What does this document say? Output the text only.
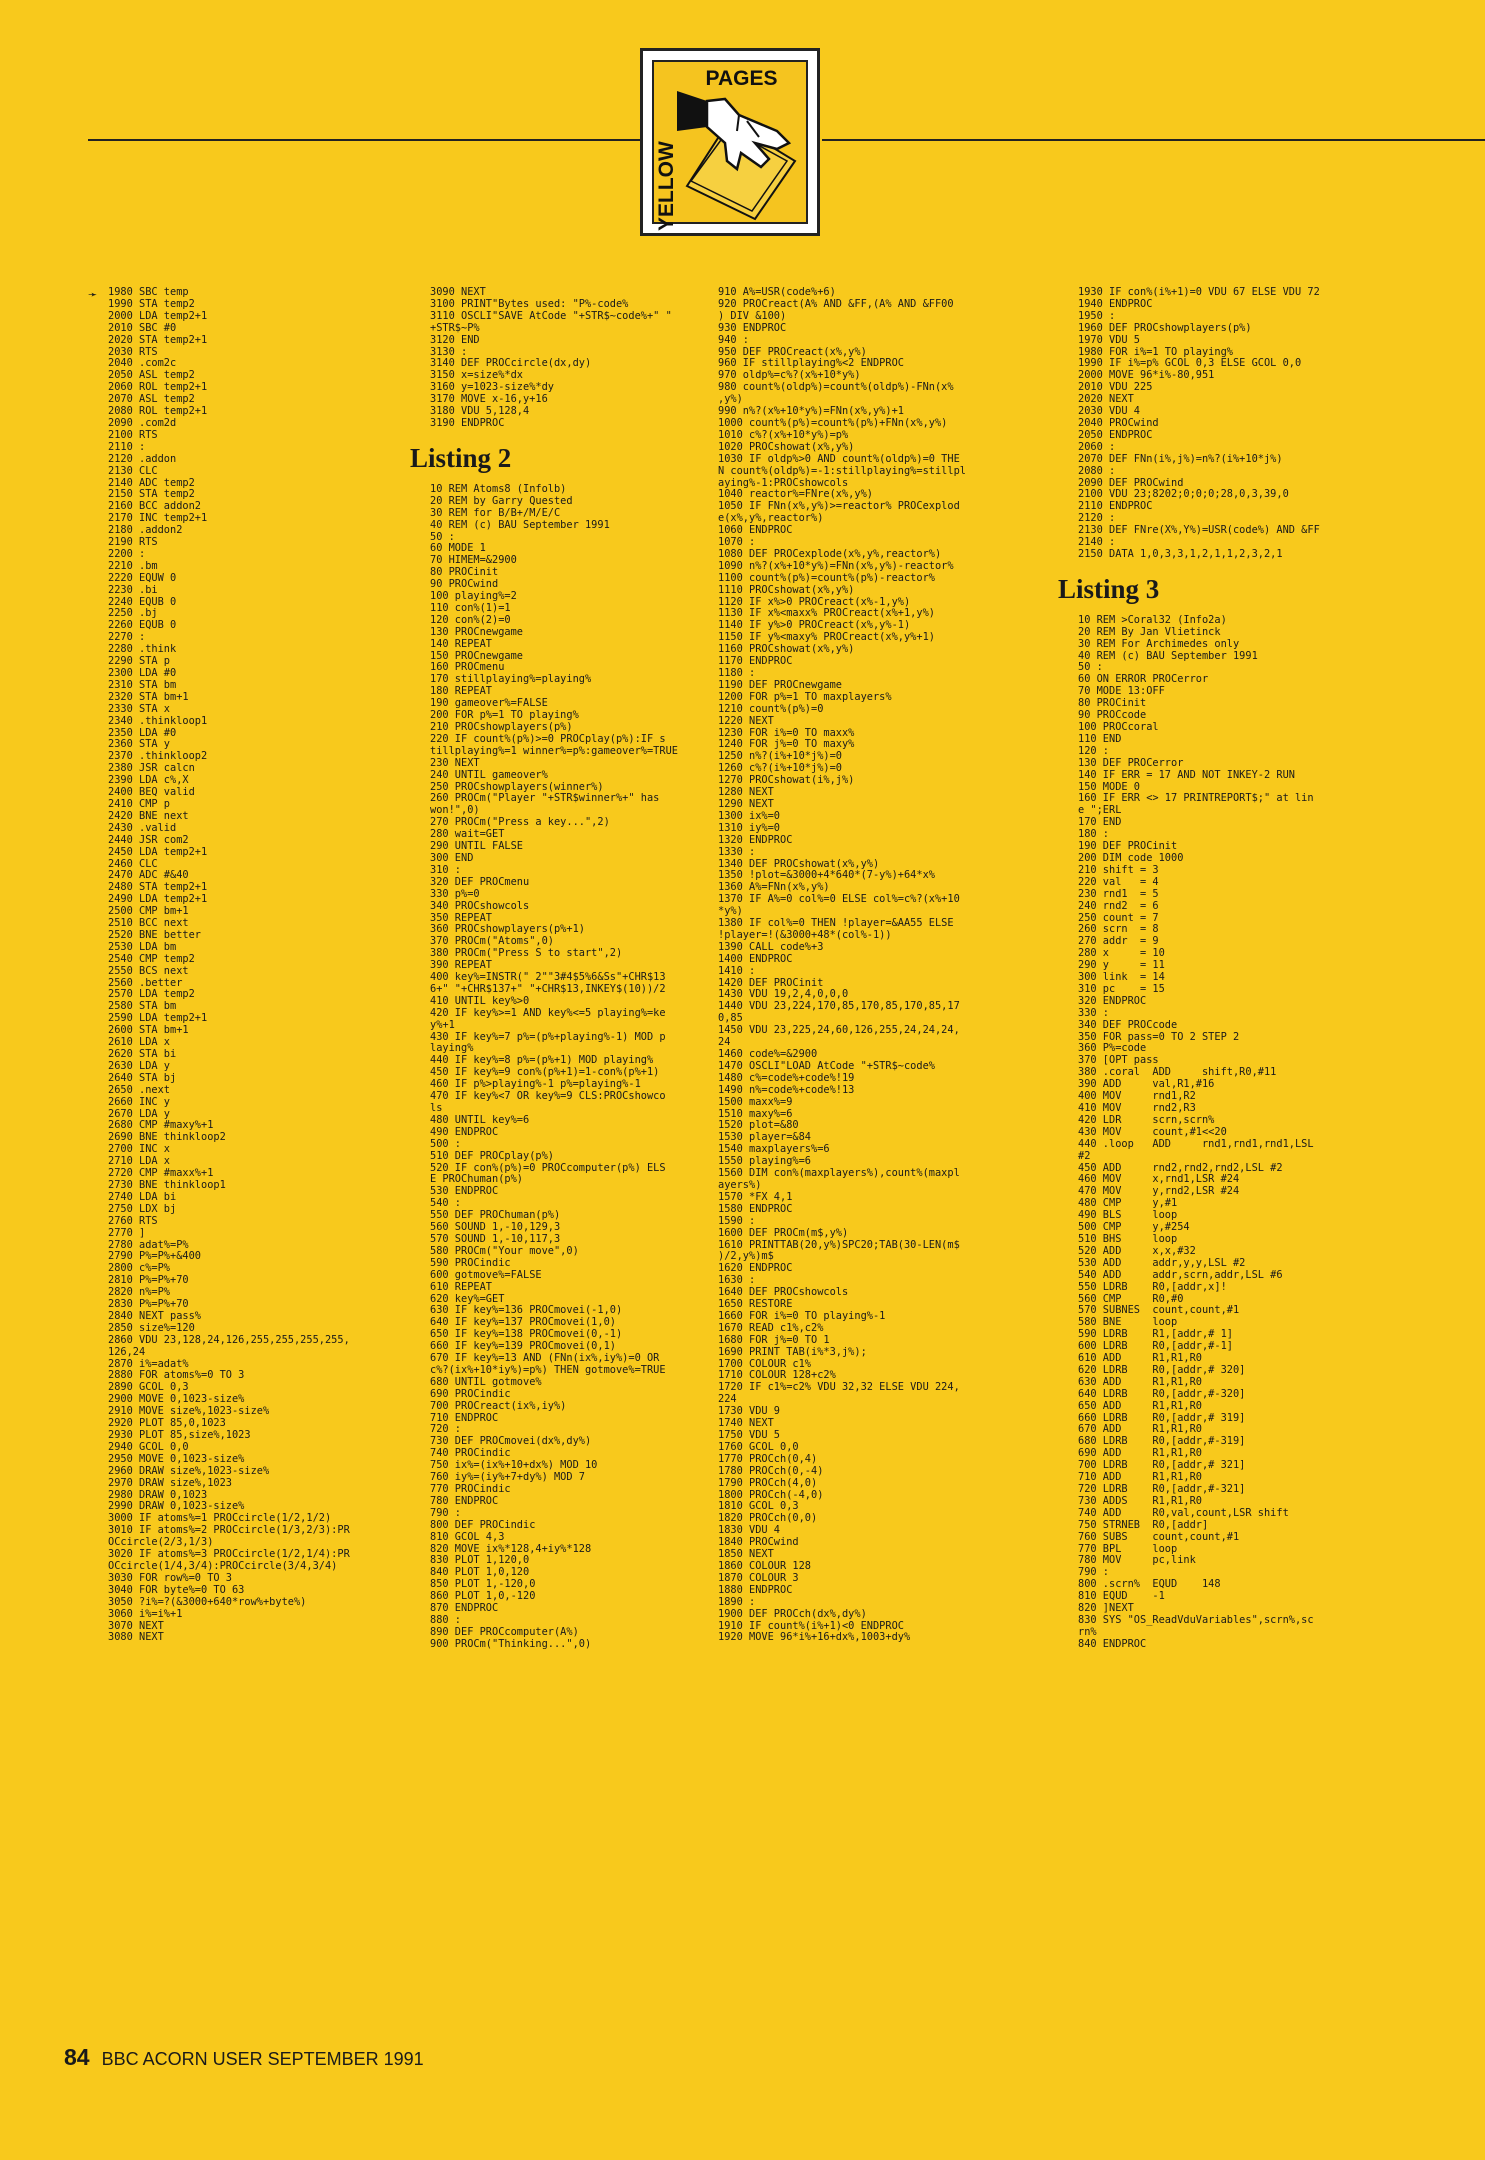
PAGES
YELLOW
➛ 1980 SBC temp
1990 STA temp2
2000 LDA temp2+1
2010 SBC #0
2020 STA temp2+1
2030 RTS
2040 .com2c
2050 ASL temp2
2060 ROL temp2+1
2070 ASL temp2
2080 ROL temp2+1
2090 .com2d
2100 RTS
2110 :
2120 .addon
2130 CLC
2140 ADC temp2
2150 STA temp2
2160 BCC addon2
2170 INC temp2+1
2180 .addon2
2190 RTS
2200 :
2210 .bm
2220 EQUW 0
2230 .bi
2240 EQUB 0
2250 .bj
2260 EQUB 0
2270 :
2280 .think
2290 STA p
2300 LDA #0
2310 STA bm
2320 STA bm+1
2330 STA x
2340 .thinkloop1
2350 LDA #0
2360 STA y
2370 .thinkloop2
2380 JSR calcn
2390 LDA c%,X
2400 BEQ valid
2410 CMP p
2420 BNE next
2430 .valid
2440 JSR com2
2450 LDA temp2+1
2460 CLC
2470 ADC #&40
2480 STA temp2+1
2490 LDA temp2+1
2500 CMP bm+1
2510 BCC next
2520 BNE better
2530 LDA bm
2540 CMP temp2
2550 BCS next
2560 .better
2570 LDA temp2
2580 STA bm
2590 LDA temp2+1
2600 STA bm+1
2610 LDA x
2620 STA bi
2630 LDA y
2640 STA bj
2650 .next
2660 INC y
2670 LDA y
2680 CMP #maxy%+1
2690 BNE thinkloop2
2700 INC x
2710 LDA x
2720 CMP #maxx%+1
2730 BNE thinkloop1
2740 LDA bi
2750 LDX bj
2760 RTS
2770 ]
2780 adat%=P%
2790 P%=P%+&400
2800 c%=P%
2810 P%=P%+70
2820 n%=P%
2830 P%=P%+70
2840 NEXT pass%
2850 size%=120
2860 VDU 23,128,24,126,255,255,255,255,
126,24
2870 i%=adat%
2880 FOR atoms%=0 TO 3
2890 GCOL 0,3
2900 MOVE 0,1023-size%
2910 MOVE size%,1023-size%
2920 PLOT 85,0,1023
2930 PLOT 85,size%,1023
2940 GCOL 0,0
2950 MOVE 0,1023-size%
2960 DRAW size%,1023-size%
2970 DRAW size%,1023
2980 DRAW 0,1023
2990 DRAW 0,1023-size%
3000 IF atoms%=1 PROCcircle(1/2,1/2)
3010 IF atoms%=2 PROCcircle(1/3,2/3):PR
OCcircle(2/3,1/3)
3020 IF atoms%=3 PROCcircle(1/2,1/4):PR
OCcircle(1/4,3/4):PROCcircle(3/4,3/4)
3030 FOR row%=0 TO 3
3040 FOR byte%=0 TO 63
3050 ?i%=?(&3000+640*row%+byte%)
3060 i%=i%+1
3070 NEXT
3080 NEXT
3090 NEXT
3100 PRINT"Bytes used: "P%-code%
3110 OSCLI"SAVE AtCode "+STR$~code%+" "
+STR$~P%
3120 END
3130 :
3140 DEF PROCcircle(dx,dy)
3150 x=size%*dx
3160 y=1023-size%*dy
3170 MOVE x-16,y+16
3180 VDU 5,128,4
3190 ENDPROC
Listing 2
10 REM Atoms8 (Infolb)
20 REM by Garry Quested
30 REM for B/B+/M/E/C
40 REM (c) BAU September 1991
50 :
60 MODE 1
70 HIMEM=&2900
80 PROCinit
90 PROCwind
100 playing%=2
110 con%(1)=1
120 con%(2)=0
130 PROCnewgame
140 REPEAT
150 PROCnewgame
160 PROCmenu
170 stillplaying%=playing%
180 REPEAT
190 gameover%=FALSE
200 FOR p%=1 TO playing%
210 PROCshowplayers(p%)
220 IF count%(p%)>=0 PROCplay(p%):IF s
tillplaying%=1 winner%=p%:gameover%=TRUE
230 NEXT
240 UNTIL gameover%
250 PROCshowplayers(winner%)
260 PROCm("Player "+STR$winner%+" has
won!",0)
270 PROCm("Press a key...",2)
280 wait=GET
290 UNTIL FALSE
300 END
310 :
320 DEF PROCmenu
330 p%=0
340 PROCshowcols
350 REPEAT
360 PROCshowplayers(p%+1)
370 PROCm("Atoms",0)
380 PROCm("Press S to start",2)
390 REPEAT
400 key%=INSTR(" 2""3#4$5%6&Ss"+CHR$13
6+" "+CHR$137+" "+CHR$13,INKEY$(10))/2
410 UNTIL key%>0
420 IF key%>=1 AND key%<=5 playing%=ke
y%+1
430 IF key%=7 p%=(p%+playing%-1) MOD p
laying%
440 IF key%=8 p%=(p%+1) MOD playing%
450 IF key%=9 con%(p%+1)=1-con%(p%+1)
460 IF p%>playing%-1 p%=playing%-1
470 IF key%<7 OR key%=9 CLS:PROCshowco
ls
480 UNTIL key%=6
490 ENDPROC
500 :
510 DEF PROCplay(p%)
520 IF con%(p%)=0 PROCcomputer(p%) ELS
E PROChuman(p%)
530 ENDPROC
540 :
550 DEF PROChuman(p%)
560 SOUND 1,-10,129,3
570 SOUND 1,-10,117,3
580 PROCm("Your move",0)
590 PROCindic
600 gotmove%=FALSE
610 REPEAT
620 key%=GET
630 IF key%=136 PROCmovei(-1,0)
640 IF key%=137 PROCmovei(1,0)
650 IF key%=138 PROCmovei(0,-1)
660 IF key%=139 PROCmovei(0,1)
670 IF key%=13 AND (FNn(ix%,iy%)=0 OR
c%?(ix%+10*iy%)=p%) THEN gotmove%=TRUE
680 UNTIL gotmove%
690 PROCindic
700 PROCreact(ix%,iy%)
710 ENDPROC
720 :
730 DEF PROCmovei(dx%,dy%)
740 PROCindic
750 ix%=(ix%+10+dx%) MOD 10
760 iy%=(iy%+7+dy%) MOD 7
770 PROCindic
780 ENDPROC
790 :
800 DEF PROCindic
810 GCOL 4,3
820 MOVE ix%*128,4+iy%*128
830 PLOT 1,120,0
840 PLOT 1,0,120
850 PLOT 1,-120,0
860 PLOT 1,0,-120
870 ENDPROC
880 :
890 DEF PROCcomputer(A%)
900 PROCm("Thinking...",0)
910 A%=USR(code%+6)
920 PROCreact(A% AND &FF,(A% AND &FF00
) DIV &100)
930 ENDPROC
940 :
950 DEF PROCreact(x%,y%)
960 IF stillplaying%<2 ENDPROC
970 oldp%=c%?(x%+10*y%)
980 count%(oldp%)=count%(oldp%)-FNn(x%
,y%)
990 n%?(x%+10*y%)=FNn(x%,y%)+1
1000 count%(p%)=count%(p%)+FNn(x%,y%)
1010 c%?(x%+10*y%)=p%
1020 PROCshowat(x%,y%)
1030 IF oldp%>0 AND count%(oldp%)=0 THE
N count%(oldp%)=-1:stillplaying%=stillpl
aying%-1:PROCshowcols
1040 reactor%=FNre(x%,y%)
1050 IF FNn(x%,y%)>=reactor% PROCexplod
e(x%,y%,reactor%)
1060 ENDPROC
1070 :
1080 DEF PROCexplode(x%,y%,reactor%)
1090 n%?(x%+10*y%)=FNn(x%,y%)-reactor%
1100 count%(p%)=count%(p%)-reactor%
1110 PROCshowat(x%,y%)
1120 IF x%>0 PROCreact(x%-1,y%)
1130 IF x%<maxx% PROCreact(x%+1,y%)
1140 IF y%>0 PROCreact(x%,y%-1)
1150 IF y%<maxy% PROCreact(x%,y%+1)
1160 PROCshowat(x%,y%)
1170 ENDPROC
1180 :
1190 DEF PROCnewgame
1200 FOR p%=1 TO maxplayers%
1210 count%(p%)=0
1220 NEXT
1230 FOR i%=0 TO maxx%
1240 FOR j%=0 TO maxy%
1250 n%?(i%+10*j%)=0
1260 c%?(i%+10*j%)=0
1270 PROCshowat(i%,j%)
1280 NEXT
1290 NEXT
1300 ix%=0
1310 iy%=0
1320 ENDPROC
1330 :
1340 DEF PROCshowat(x%,y%)
1350 !plot=&3000+4*640*(7-y%)+64*x%
1360 A%=FNn(x%,y%)
1370 IF A%=0 col%=0 ELSE col%=c%?(x%+10
*y%)
1380 IF col%=0 THEN !player=&AA55 ELSE
!player=!(&3000+48*(col%-1))
1390 CALL code%+3
1400 ENDPROC
1410 :
1420 DEF PROCinit
1430 VDU 19,2,4,0,0,0
1440 VDU 23,224,170,85,170,85,170,85,17
0,85
1450 VDU 23,225,24,60,126,255,24,24,24,
24
1460 code%=&2900
1470 OSCLI"LOAD AtCode "+STR$~code%
1480 c%=code%+code%!19
1490 n%=code%+code%!13
1500 maxx%=9
1510 maxy%=6
1520 plot=&80
1530 player=&84
1540 maxplayers%=6
1550 playing%=6
1560 DIM con%(maxplayers%),count%(maxpl
ayers%)
1570 *FX 4,1
1580 ENDPROC
1590 :
1600 DEF PROCm(m$,y%)
1610 PRINTTAB(20,y%)SPC20;TAB(30-LEN(m$
)/2,y%)m$
1620 ENDPROC
1630 :
1640 DEF PROCshowcols
1650 RESTORE
1660 FOR i%=0 TO playing%-1
1670 READ c1%,c2%
1680 FOR j%=0 TO 1
1690 PRINT TAB(i%*3,j%);
1700 COLOUR c1%
1710 COLOUR 128+c2%
1720 IF c1%=c2% VDU 32,32 ELSE VDU 224,
224
1730 VDU 9
1740 NEXT
1750 VDU 5
1760 GCOL 0,0
1770 PROCch(0,4)
1780 PROCch(0,-4)
1790 PROCch(4,0)
1800 PROCch(-4,0)
1810 GCOL 0,3
1820 PROCch(0,0)
1830 VDU 4
1840 PROCwind
1850 NEXT
1860 COLOUR 128
1870 COLOUR 3
1880 ENDPROC
1890 :
1900 DEF PROCch(dx%,dy%)
1910 IF count%(i%+1)<0 ENDPROC
1920 MOVE 96*i%+16+dx%,1003+dy%
1930 IF con%(i%+1)=0 VDU 67 ELSE VDU 72
1940 ENDPROC
1950 :
1960 DEF PROCshowplayers(p%)
1970 VDU 5
1980 FOR i%=1 TO playing%
1990 IF i%=p% GCOL 0,3 ELSE GCOL 0,0
2000 MOVE 96*i%-80,951
2010 VDU 225
2020 NEXT
2030 VDU 4
2040 PROCwind
2050 ENDPROC
2060 :
2070 DEF FNn(i%,j%)=n%?(i%+10*j%)
2080 :
2090 DEF PROCwind
2100 VDU 23;8202;0;0;0;28,0,3,39,0
2110 ENDPROC
2120 :
2130 DEF FNre(X%,Y%)=USR(code%) AND &FF
2140 :
2150 DATA 1,0,3,3,1,2,1,1,2,3,2,1
Listing 3
10 REM >Coral32 (Info2a)
20 REM By Jan Vlietinck
30 REM For Archimedes only
40 REM (c) BAU September 1991
50 :
60 ON ERROR PROCerror
70 MODE 13:OFF
80 PROCinit
90 PROCcode
100 PROCcoral
110 END
120 :
130 DEF PROCerror
140 IF ERR = 17 AND NOT INKEY-2 RUN
150 MODE 0
160 IF ERR <> 17 PRINTREPORT$;" at lin
e ";ERL
170 END
180 :
190 DEF PROCinit
200 DIM code 1000
210 shift = 3
220 val   = 4
230 rnd1  = 5
240 rnd2  = 6
250 count = 7
260 scrn  = 8
270 addr  = 9
280 x     = 10
290 y     = 11
300 link  = 14
310 pc    = 15
320 ENDPROC
330 :
340 DEF PROCcode
350 FOR pass=0 TO 2 STEP 2
360 P%=code
370 [OPT pass
380 .coral  ADD     shift,R0,#11
390 ADD     val,R1,#16
400 MOV     rnd1,R2
410 MOV     rnd2,R3
420 LDR     scrn,scrn%
430 MOV     count,#1<<20
440 .loop   ADD     rnd1,rnd1,rnd1,LSL
#2
450 ADD     rnd2,rnd2,rnd2,LSL #2
460 MOV     x,rnd1,LSR #24
470 MOV     y,rnd2,LSR #24
480 CMP     y,#1
490 BLS     loop
500 CMP     y,#254
510 BHS     loop
520 ADD     x,x,#32
530 ADD     addr,y,y,LSL #2
540 ADD     addr,scrn,addr,LSL #6
550 LDRB    R0,[addr,x]!
560 CMP     R0,#0
570 SUBNES  count,count,#1
580 BNE     loop
590 LDRB    R1,[addr,# 1]
600 LDRB    R0,[addr,#-1]
610 ADD     R1,R1,R0
620 LDRB    R0,[addr,# 320]
630 ADD     R1,R1,R0
640 LDRB    R0,[addr,#-320]
650 ADD     R1,R1,R0
660 LDRB    R0,[addr,# 319]
670 ADD     R1,R1,R0
680 LDRB    R0,[addr,#-319]
690 ADD     R1,R1,R0
700 LDRB    R0,[addr,# 321]
710 ADD     R1,R1,R0
720 LDRB    R0,[addr,#-321]
730 ADDS    R1,R1,R0
740 ADD     R0,val,count,LSR shift
750 STRNEB  R0,[addr]
760 SUBS    count,count,#1
770 BPL     loop
780 MOV     pc,link
790 :
800 .scrn%  EQUD    148
810 EQUD    -1
820 ]NEXT
830 SYS "OS_ReadVduVariables",scrn%,sc
rn%
840 ENDPROC
84 BBC ACORN USER SEPTEMBER 1991
